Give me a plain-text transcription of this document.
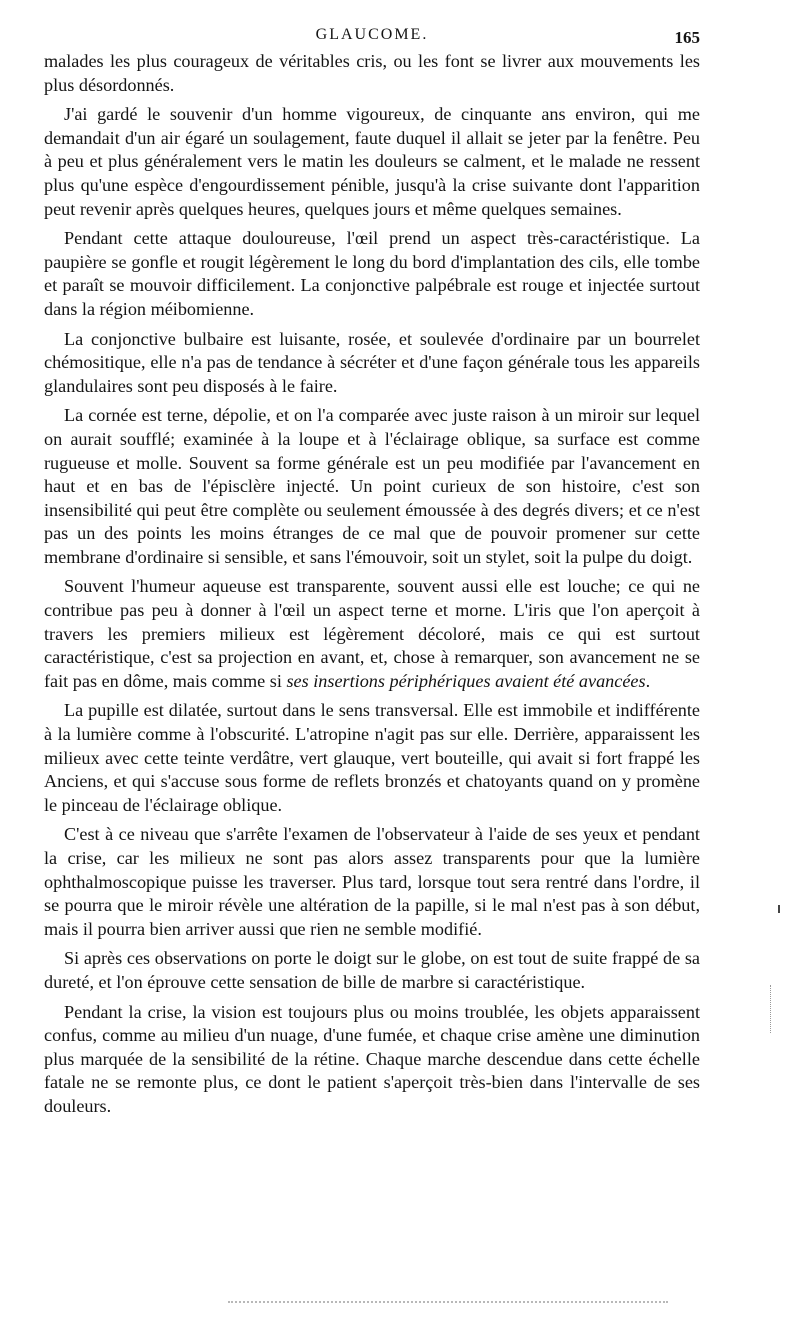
GLAUCOME.	165

malades les plus courageux de véritables cris, ou les font se livrer aux mouvements les plus désordonnés.

J'ai gardé le souvenir d'un homme vigoureux, de cinquante ans environ, qui me demandait d'un air égaré un soulagement, faute duquel il allait se jeter par la fenêtre. Peu à peu et plus généralement vers le matin les douleurs se calment, et le malade ne ressent plus qu'une espèce d'engourdissement pénible, jusqu'à la crise suivante dont l'apparition peut revenir après quelques heures, quelques jours et même quelques semaines.

Pendant cette attaque douloureuse, l'œil prend un aspect très-caractéristique. La paupière se gonfle et rougit légèrement le long du bord d'implantation des cils, elle tombe et paraît se mouvoir difficilement. La conjonctive palpébrale est rouge et injectée surtout dans la région méibomienne.

La conjonctive bulbaire est luisante, rosée, et soulevée d'ordinaire par un bourrelet chémositique, elle n'a pas de tendance à sécréter et d'une façon générale tous les appareils glandulaires sont peu disposés à le faire.

La cornée est terne, dépolie, et on l'a comparée avec juste raison à un miroir sur lequel on aurait soufflé; examinée à la loupe et à l'éclairage oblique, sa surface est comme rugueuse et molle. Souvent sa forme générale est un peu modifiée par l'avancement en haut et en bas de l'épisclère injecté. Un point curieux de son histoire, c'est son insensibilité qui peut être complète ou seulement émoussée à des degrés divers; et ce n'est pas un des points les moins étranges de ce mal que de pouvoir promener sur cette membrane d'ordinaire si sensible, et sans l'émouvoir, soit un stylet, soit la pulpe du doigt.

Souvent l'humeur aqueuse est transparente, souvent aussi elle est louche; ce qui ne contribue pas peu à donner à l'œil un aspect terne et morne. L'iris que l'on aperçoit à travers les premiers milieux est légèrement décoloré, mais ce qui est surtout caractéristique, c'est sa projection en avant, et, chose à remarquer, son avancement ne se fait pas en dôme, mais comme si ses insertions périphériques avaient été avancées.

La pupille est dilatée, surtout dans le sens transversal. Elle est immobile et indifférente à la lumière comme à l'obscurité. L'atropine n'agit pas sur elle. Derrière, apparaissent les milieux avec cette teinte verdâtre, vert glauque, vert bouteille, qui avait si fort frappé les Anciens, et qui s'accuse sous forme de reflets bronzés et chatoyants quand on y promène le pinceau de l'éclairage oblique.

C'est à ce niveau que s'arrête l'examen de l'observateur à l'aide de ses yeux et pendant la crise, car les milieux ne sont pas alors assez transparents pour que la lumière ophthalmoscopique puisse les traverser. Plus tard, lorsque tout sera rentré dans l'ordre, il se pourra que le miroir révèle une altération de la papille, si le mal n'est pas à son début, mais il pourra bien arriver aussi que rien ne semble modifié.

Si après ces observations on porte le doigt sur le globe, on est tout de suite frappé de sa dureté, et l'on éprouve cette sensation de bille de marbre si caractéristique.

Pendant la crise, la vision est toujours plus ou moins troublée, les objets apparaissent confus, comme au milieu d'un nuage, d'une fumée, et chaque crise amène une diminution plus marquée de la sensibilité de la rétine. Chaque marche descendue dans cette échelle fatale ne se remonte plus, ce dont le patient s'aperçoit très-bien dans l'intervalle de ses douleurs.
